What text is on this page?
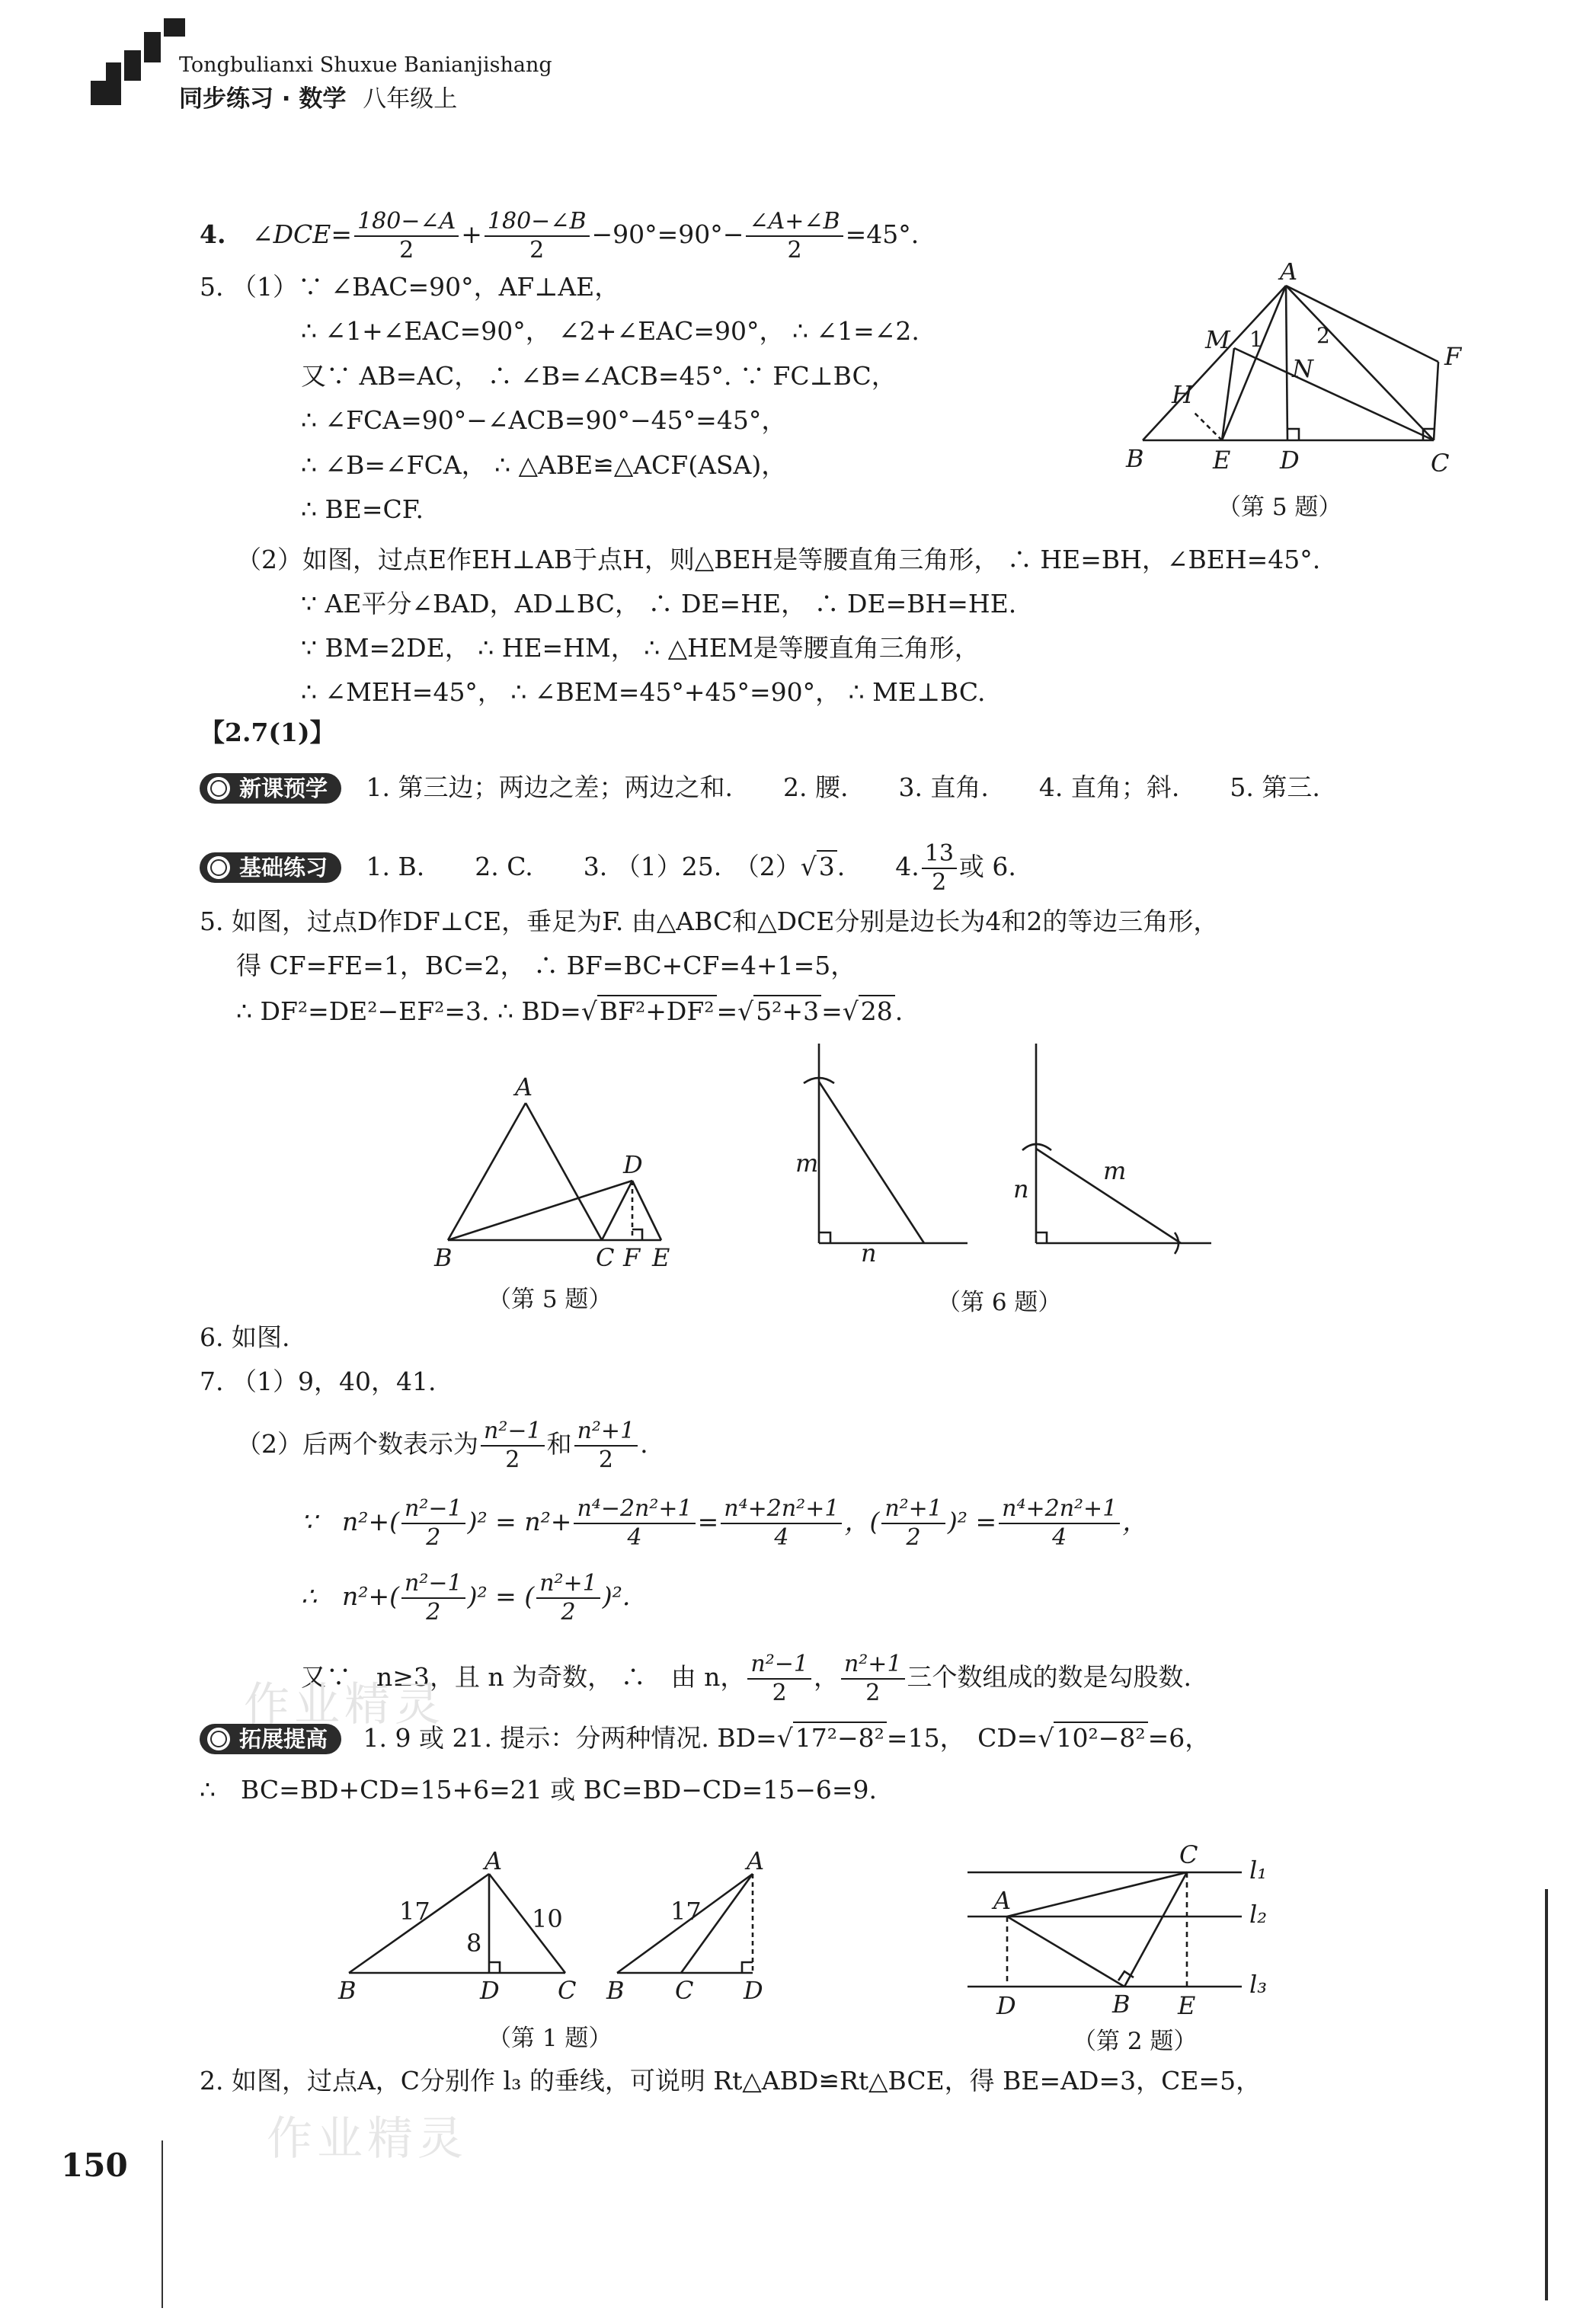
Tongbulianxi Shuxue Banianjishang
同步练习 · 数学 八年级上
4. ∠DCE= $\frac{180-\angle A}{2} + \frac{180-\angle B}{2} -90^\circ=90^\circ- \frac{\angle A+\angle B}{2} =45^\circ$.
5. （1）∵ ∠BAC=90°，AF⊥AE，
∴ ∠1+∠EAC=90°， ∠2+∠EAC=90°， ∴ ∠1=∠2.
又∵ AB=AC， ∴ ∠B=∠ACB=45°. ∵ FC⊥BC，
∴ ∠FCA=90°−∠ACB=90°−45°=45°，
∴ ∠B=∠FCA， ∴ △ABE≌△ACF(ASA)，
∴ BE=CF.
（2）如图，过点E作EH⊥AB于点H，则△BEH是等腰直角三角形， ∴ HE=BH，∠BEH=45°.
∵ AE平分∠BAD，AD⊥BC， ∴ DE=HE， ∴ DE=BH=HE.
∵ BM=2DE， ∴ HE=HM， ∴ △HEM是等腰直角三角形，
∴ ∠MEH=45°， ∴ ∠BEM=45°+45°=90°， ∴ ME⊥BC.
A
M 1	2
N	F
H
B	E D	C
（第 5 题）
【2.7(1)】
新课预学 1. 第三边；两边之差；两边之和.　　2. 腰.　　3. 直角.　　4. 直角；斜.　　5. 第三.
基础练习 1. B.　　2. C.　　3. （1）25.　（2）√3.　　4. $\frac{13}{2}$ 或 6.
5. 如图，过点D作DF⊥CE，垂足为F. 由△ABC和△DCE分别是边长为4和2的等边三角形，
得 CF=FE=1，BC=2， ∴ BF=BC+CF=4+1=5，
∴ DF²=DE²−EF²=3. ∴ BD=√BF²+DF²=√5²+3=√28.
A
B	C
D
F E
（第 5 题）
m
n
n
m
（第 6 题）
6. 如图.
7. （1）9，40，41.
（2）后两个数表示为 $\frac{\text{n²−1}}{2}$ 和 $\frac{\text{n²+1}}{2}$ .
∵　$n^2+( \frac{\text{n²−1}}{2} )^2 = n^2+ \frac{\text{n⁴−2n²+1}}{4} = \frac{\text{n⁴+2n²+1}}{4}$ ，( $\frac{\text{n²+1}}{2} )^2 = \frac{\text{n⁴+2n²+1}}{4}$ ，
∴　$n^2+( \frac{\text{n²−1}}{2} )^2$ = ( $\frac{\text{n²+1}}{2} )^2$.
又∵　n≥3，且 n 为奇数， ∴　由 n， $\frac{\text{n²−1}}{2}$ ， $\frac{\text{n²+1}}{2}$ 三个数组成的数是勾股数.
拓展提高 1. 9 或 21. 提示：分两种情况. BD=√17²−8²=15，　CD=√10²−8²=6，
∴　BC=BD+CD=15+6=21 或 BC=BD−CD=15−6=9.
A
17	10
8
B	D C
A
17
B C D
（第 1 题）
C
l₁
A	l₂
l₃
D	B E
（第 2 题）
2. 如图，过点A，C分别作 l₃ 的垂线，可说明 Rt△ABD≌Rt△BCE，得 BE=AD=3，CE=5，
作业精灵
作业精灵
150
